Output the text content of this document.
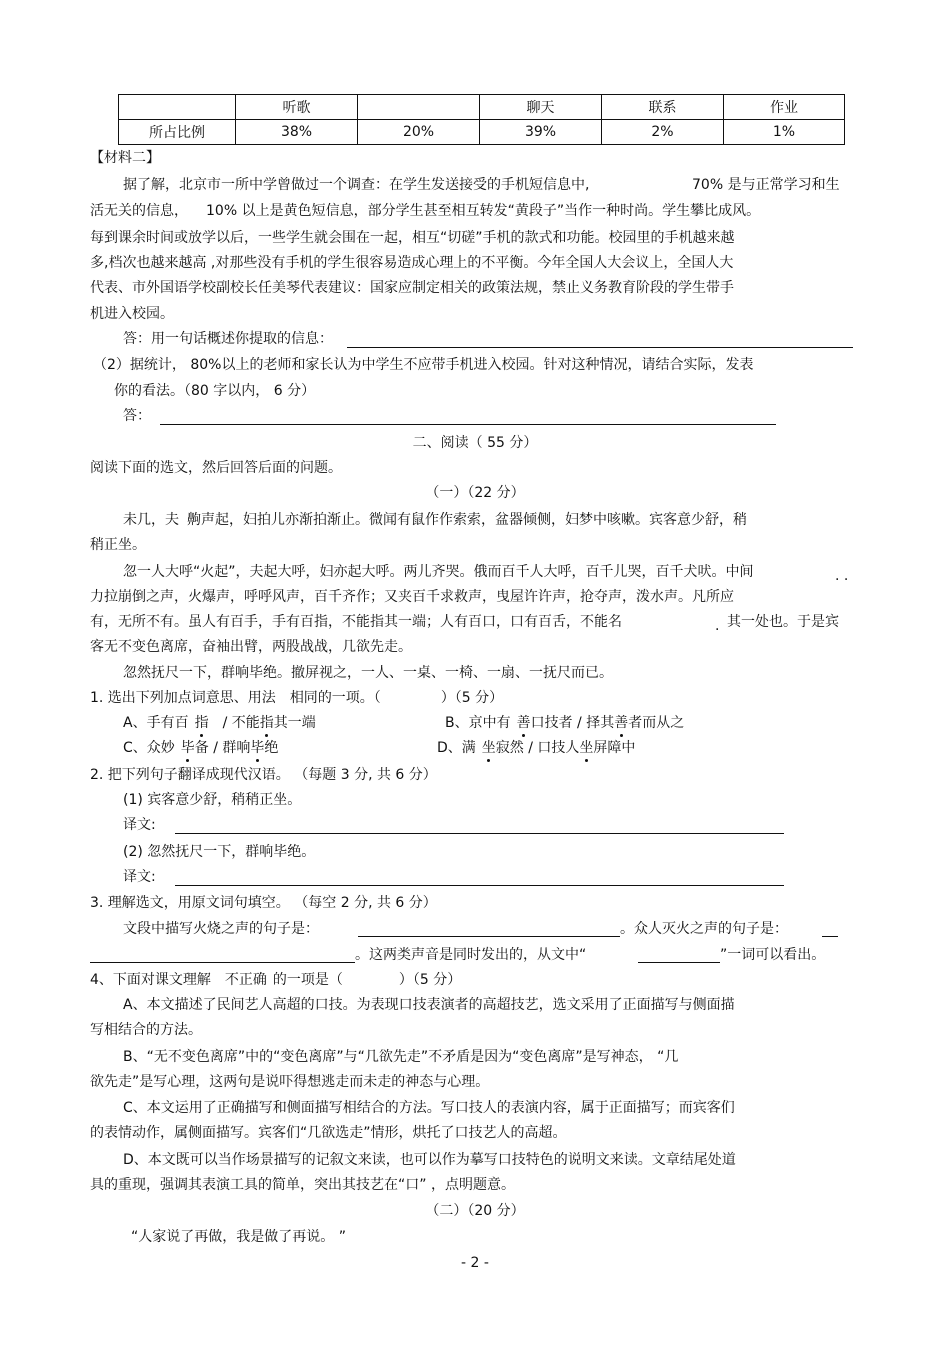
	听歌		聊天	联系	作业
所占比例	38%	20%	39%	2%	1%
【材料二】
据了解，北京市一所中学曾做过一个调查：在学生发送接受的手机短信息中,	70% 是与正常学习和生
活无关的信息， 10% 以上是黄色短信息，部分学生甚至相互转发“黄段子”当作一种时尚。学生攀比成风。
每到课余时间或放学以后，一些学生就会围在一起，相互“切磋”手机的款式和功能。校园里的手机越来越
多,档次也越来越高 ,对那些没有手机的学生很容易造成心理上的不平衡。今年全国人大会议上，全国人大
代表、市外国语学校副校长任美琴代表建议：国家应制定相关的政策法规，禁止义务教育阶段的学生带手
机进入校园。
答：用一句话概述你提取的信息：
（2）据统计， 80%以上的老师和家长认为中学生不应带手机进入校园。针对这种情况，请结合实际，发表
你的看法。（80 字以内， 6 分）
答：
二、阅读（ 55 分）
阅读下面的选文，然后回答后面的问题。
（一）（22 分）
未几，夫 齁声起，妇拍儿亦渐拍渐止。微闻有鼠作作索索，盆器倾侧，妇梦中咳嗽。宾客意少舒，稍
稍正坐。
忽一人大呼“火起”，夫起大呼，妇亦起大呼。两儿齐哭。俄而百千人大呼，百千儿哭，百千犬吠。中间	. .
力拉崩倒之声，火爆声，呼呼风声，百千齐作；又夹百千求救声，曳屋许许声，抢夺声，泼水声。凡所应
有，无所不有。虽人有百手，手有百指，不能指其一端；人有百口，口有百舌，不能名	. 其一处也。于是宾
客无不变色离席，奋袖出臂，两股战战，几欲先走。
忽然抚尺一下，群响毕绝。撤屏视之，一人、一桌、一椅、一扇、一抚尺而已。
1. 选出下列加点词意思、用法 相同的一项。（	）（5 分）
A、手有百 指 / 不能指其一端	B、京中有 善口技者 / 择其善者而从之
C、众妙 毕备 / 群响毕绝	D、满 坐寂然 / 口技人坐屏障中
2. 把下列句子翻译成现代汉语。 （每题 3 分, 共 6 分）
(1) 宾客意少舒，稍稍正坐。
译文:
(2) 忽然抚尺一下，群响毕绝。
译文:
3. 理解选文，用原文词句填空。 （每空 2 分, 共 6 分）
文段中描写火烧之声的句子是：	。众人灭火之声的句子是：
。这两类声音是同时发出的，从文中“	”一词可以看出。
4、下面对课文理解 不正确 的一项是（	）（5 分）
A、本文描述了民间艺人高超的口技。为表现口技表演者的高超技艺，选文采用了正面描写与侧面描
写相结合的方法。
B、“无不变色离席”中的“变色离席”与“几欲先走”不矛盾是因为“变色离席”是写神态， “几
欲先走”是写心理，这两句是说吓得想逃走而未走的神态与心理。
C、本文运用了正确描写和侧面描写相结合的方法。写口技人的表演内容，属于正面描写；而宾客们
的表情动作，属侧面描写。宾客们“几欲选走”情形，烘托了口技艺人的高超。
D、本文既可以当作场景描写的记叙文来读，也可以作为摹写口技特色的说明文来读。文章结尾处道
具的重现，强调其表演工具的简单，突出其技艺在“口” ，点明题意。
（二）（20 分）
“人家说了再做，我是做了再说。 ”
- 2 -
